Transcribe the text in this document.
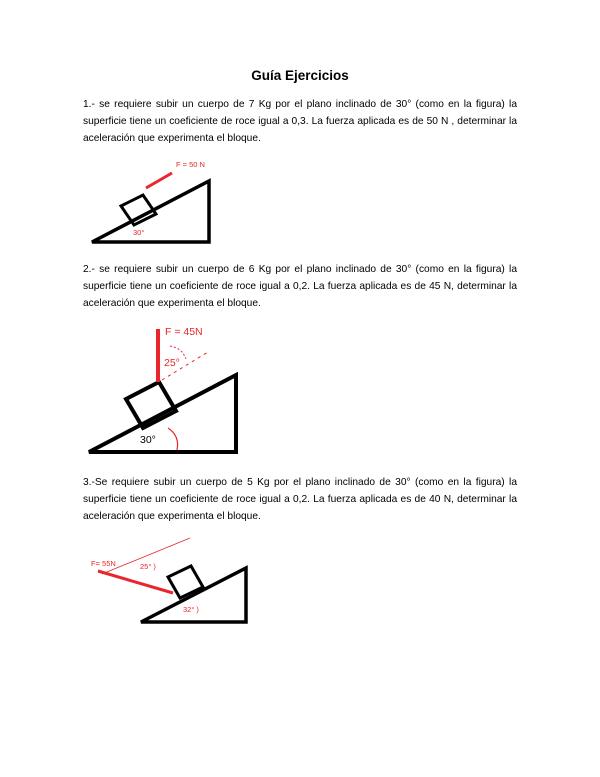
Guía Ejercicios
1.- se requiere subir un cuerpo de 7 Kg por el plano inclinado de 30° (como en la figura) la superficie tiene un coeficiente de roce igual a 0,3. La fuerza aplicada es de 50 N , determinar la aceleración que experimenta el bloque.
F = 50 N
30°
2.- se requiere subir un cuerpo de 6 Kg por el plano inclinado de 30° (como en la figura) la superficie tiene un coeficiente de roce igual a 0,2. La fuerza aplicada es de 45 N, determinar la aceleración que experimenta el bloque.
F = 45N
25°
30°
3.-Se requiere subir un cuerpo de 5 Kg por el plano inclinado de 30° (como en la figura) la superficie tiene un coeficiente de roce igual a 0,2. La fuerza aplicada es de 40 N, determinar la aceleración que experimenta el bloque.
F= 55N	25° )
32° )
